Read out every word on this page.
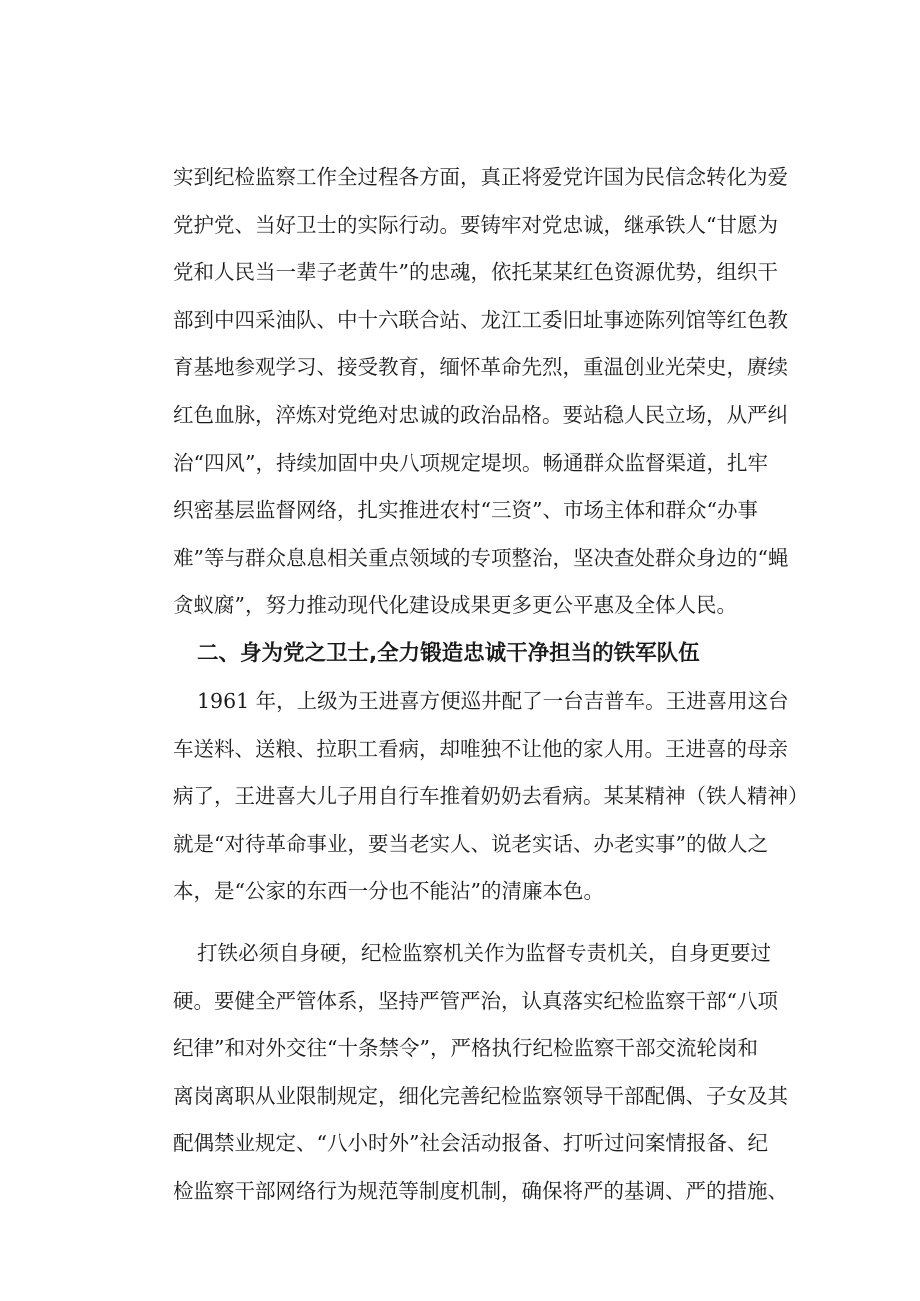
实到纪检监察工作全过程各方面，真正将爱党许国为民信念转化为爱
党护党、当好卫士的实际行动。要铸牢对党忠诚，继承铁人“甘愿为
党和人民当一辈子老黄牛”的忠魂，依托某某红色资源优势，组织干
部到中四采油队、中十六联合站、龙江工委旧址事迹陈列馆等红色教
育基地参观学习、接受教育，缅怀革命先烈，重温创业光荣史，赓续
红色血脉，淬炼对党绝对忠诚的政治品格。要站稳人民立场，从严纠
治“四风”，持续加固中央八项规定堤坝。畅通群众监督渠道，扎牢
织密基层监督网络，扎实推进农村“三资”、市场主体和群众“办事
难”等与群众息息相关重点领域的专项整治，坚决查处群众身边的“蝇
贪蚁腐”，努力推动现代化建设成果更多更公平惠及全体人民。
二、身为党之卫士,全力锻造忠诚干净担当的铁军队伍
1961 年，上级为王进喜方便巡井配了一台吉普车。王进喜用这台
车送料、送粮、拉职工看病，却唯独不让他的家人用。王进喜的母亲
病了，王进喜大儿子用自行车推着奶奶去看病。某某精神（铁人精神）
就是“对待革命事业，要当老实人、说老实话、办老实事”的做人之
本，是“公家的东西一分也不能沾”的清廉本色。
打铁必须自身硬，纪检监察机关作为监督专责机关，自身更要过
硬。要健全严管体系，坚持严管严治，认真落实纪检监察干部“八项
纪律”和对外交往“十条禁令”，严格执行纪检监察干部交流轮岗和
离岗离职从业限制规定，细化完善纪检监察领导干部配偶、子女及其
配偶禁业规定、“八小时外”社会活动报备、打听过问案情报备、纪
检监察干部网络行为规范等制度机制，确保将严的基调、严的措施、
